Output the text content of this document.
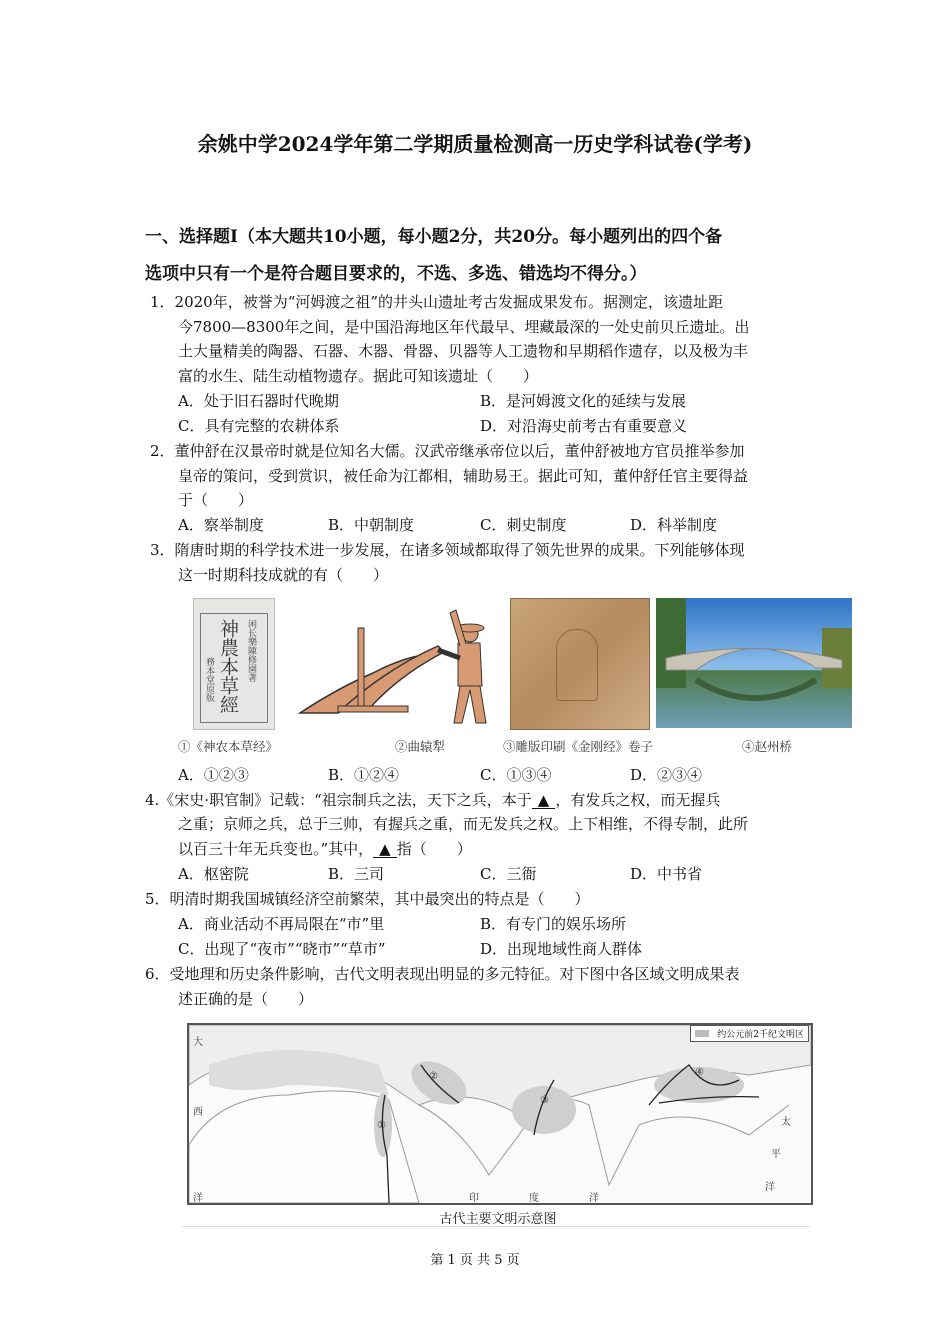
余姚中学2024学年第二学期质量检测高一历史学科试卷(学考)
一、选择题Ⅰ（本大题共10小题，每小题2分，共20分。每小题列出的四个备
选项中只有一个是符合题目要求的，不选、多选、错选均不得分。）
1．2020年，被誉为“河姆渡之祖”的井头山遗址考古发掘成果发布。据测定，该遗址距
今7800—8300年之间，是中国沿海地区年代最早、埋藏最深的一处史前贝丘遗址。出
土大量精美的陶器、石器、木器、骨器、贝器等人工遗物和早期稻作遗存，以及极为丰
富的水生、陆生动植物遗存。据此可知该遗址（　　）
A．处于旧石器时代晚期	B．是河姆渡文化的延续与发展
C．具有完整的农耕体系	D．对沿海史前考古有重要意义
2．董仲舒在汉景帝时就是位知名大儒。汉武帝继承帝位以后，董仲舒被地方官员推举参加
皇帝的策问，受到赏识，被任命为江都相，辅助易王。据此可知，董仲舒任官主要得益
于（　　）
A．察举制度	B．中朝制度	C．刺史制度	D．科举制度
3．隋唐时期的科学技术进一步发展，在诸多领域都取得了领先世界的成果。下列能够体现
这一时期科技成就的有（　　）
神農本草經 闲长樂陳修園著
務本堂原版
①《神农本草经》	②曲辕犁	③雕版印刷《金刚经》卷子	④赵州桥
A．①②③	B．①②④	C．①③④	D．②③④
4.《宋史·职官制》记载：“祖宗制兵之法，天下之兵，本于 ▲ ，有发兵之权，而无握兵
之重；京师之兵，总于三帅，有握兵之重，而无发兵之权。上下相维，不得专制，此所
以百三十年无兵变也。”其中， ▲ 指（　　）
A．枢密院	B．三司	C．三衙	D．中书省
5．明清时期我国城镇经济空前繁荣，其中最突出的特点是（　　）
A．商业活动不再局限在“市”里	B．有专门的娱乐场所
C．出现了“夜市”“晓市”“草市”	D．出现地域性商人群体
6．受地理和历史条件影响，古代文明表现出明显的多元特征。对下图中各区域文明成果表
述正确的是（　　）
约公元前2千纪文明区
①
②
③
④
大
西
洋	印	度	洋
太
平
洋
古代主要文明示意图
第 1 页 共 5 页
